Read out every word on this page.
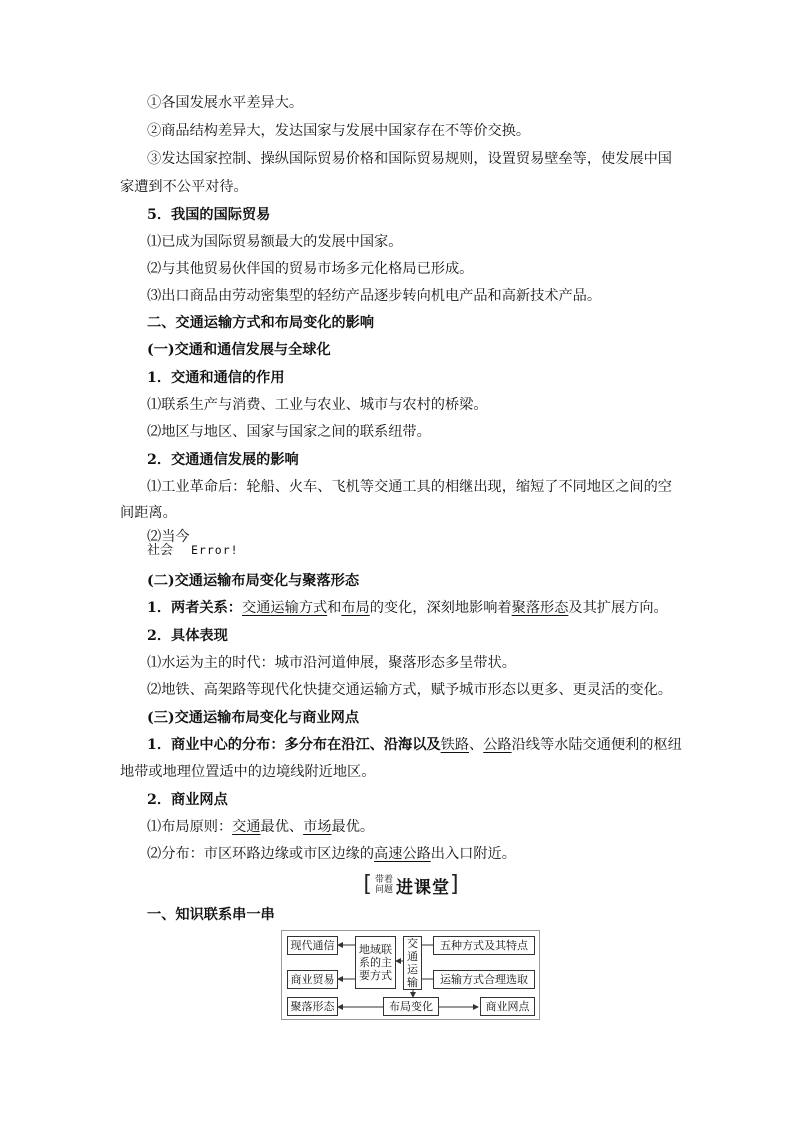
①各国发展水平差异大。
②商品结构差异大，发达国家与发展中国家存在不等价交换。
③发达国家控制、操纵国际贸易价格和国际贸易规则，设置贸易壁垒等，使发展中国
家遭到不公平对待。
5．我国的国际贸易
⑴已成为国际贸易额最大的发展中国家。
⑵与其他贸易伙伴国的贸易市场多元化格局已形成。
⑶出口商品由劳动密集型的轻纺产品逐步转向机电产品和高新技术产品。
二、交通运输方式和布局变化的影响
(一)交通和通信发展与全球化
1．交通和通信的作用
⑴联系生产与消费、工业与农业、城市与农村的桥梁。
⑵地区与地区、国家与国家之间的联系纽带。
2．交通通信发展的影响
⑴工业革命后：轮船、火车、飞机等交通工具的相继出现，缩短了不同地区之间的空
间距离。
⑵当今
社会 Error!
(二)交通运输布局变化与聚落形态
1．两者关系：交通运输方式和布局的变化，深刻地影响着聚落形态及其扩展方向。
2．具体表现
⑴水运为主的时代：城市沿河道伸展，聚落形态多呈带状。
⑵地铁、高架路等现代化快捷交通运输方式，赋予城市形态以更多、更灵活的变化。
(三)交通运输布局变化与商业网点
1．商业中心的分布：多分布在沿江、沿海以及铁路、公路沿线等水陆交通便利的枢纽
地带或地理位置适中的边境线附近地区。
2．商业网点
⑴布局原则：交通最优、市场最优。
⑵分布：市区环路边缘或市区边缘的高速公路出入口附近。
[ 带着
问题 进课堂 ]
一、知识联系串一串
现代通信
商业贸易
地域联系的主要方式
交通运输
五种方式及其特点
运输方式合理选取
聚落形态	布局变化	商业网点
